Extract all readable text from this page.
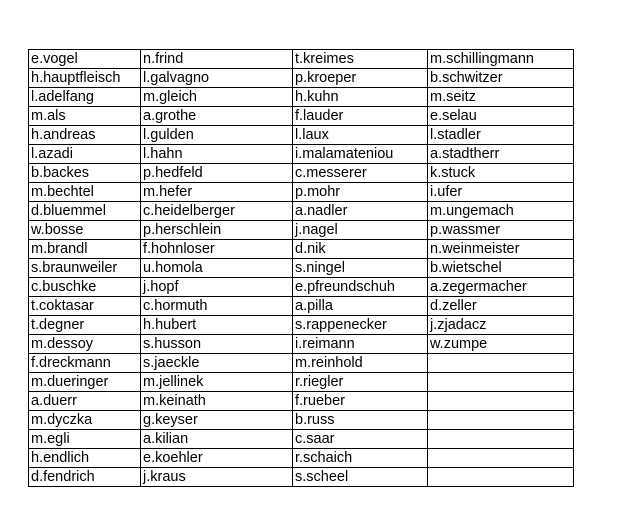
e.vogel	n.frind	t.kreimes	m.schillingmann
h.hauptfleisch	l.galvagno	p.kroeper	b.schwitzer
l.adelfang	m.gleich	h.kuhn	m.seitz
m.als	a.grothe	f.lauder	e.selau
h.andreas	l.gulden	l.laux	l.stadler
l.azadi	l.hahn	i.malamateniou	a.stadtherr
b.backes	p.hedfeld	c.messerer	k.stuck
m.bechtel	m.hefer	p.mohr	i.ufer
d.bluemmel	c.heidelberger	a.nadler	m.ungemach
w.bosse	p.herschlein	j.nagel	p.wassmer
m.brandl	f.hohnloser	d.nik	n.weinmeister
s.braunweiler	u.homola	s.ningel	b.wietschel
c.buschke	j.hopf	e.pfreundschuh	a.zegermacher
t.coktasar	c.hormuth	a.pilla	d.zeller
t.degner	h.hubert	s.rappenecker	j.zjadacz
m.dessoy	s.husson	i.reimann	w.zumpe
f.dreckmann	s.jaeckle	m.reinhold	
m.dueringer	m.jellinek	r.riegler	
a.duerr	m.keinath	f.rueber	
m.dyczka	g.keyser	b.russ	
m.egli	a.kilian	c.saar	
h.endlich	e.koehler	r.schaich	
d.fendrich	j.kraus	s.scheel	
